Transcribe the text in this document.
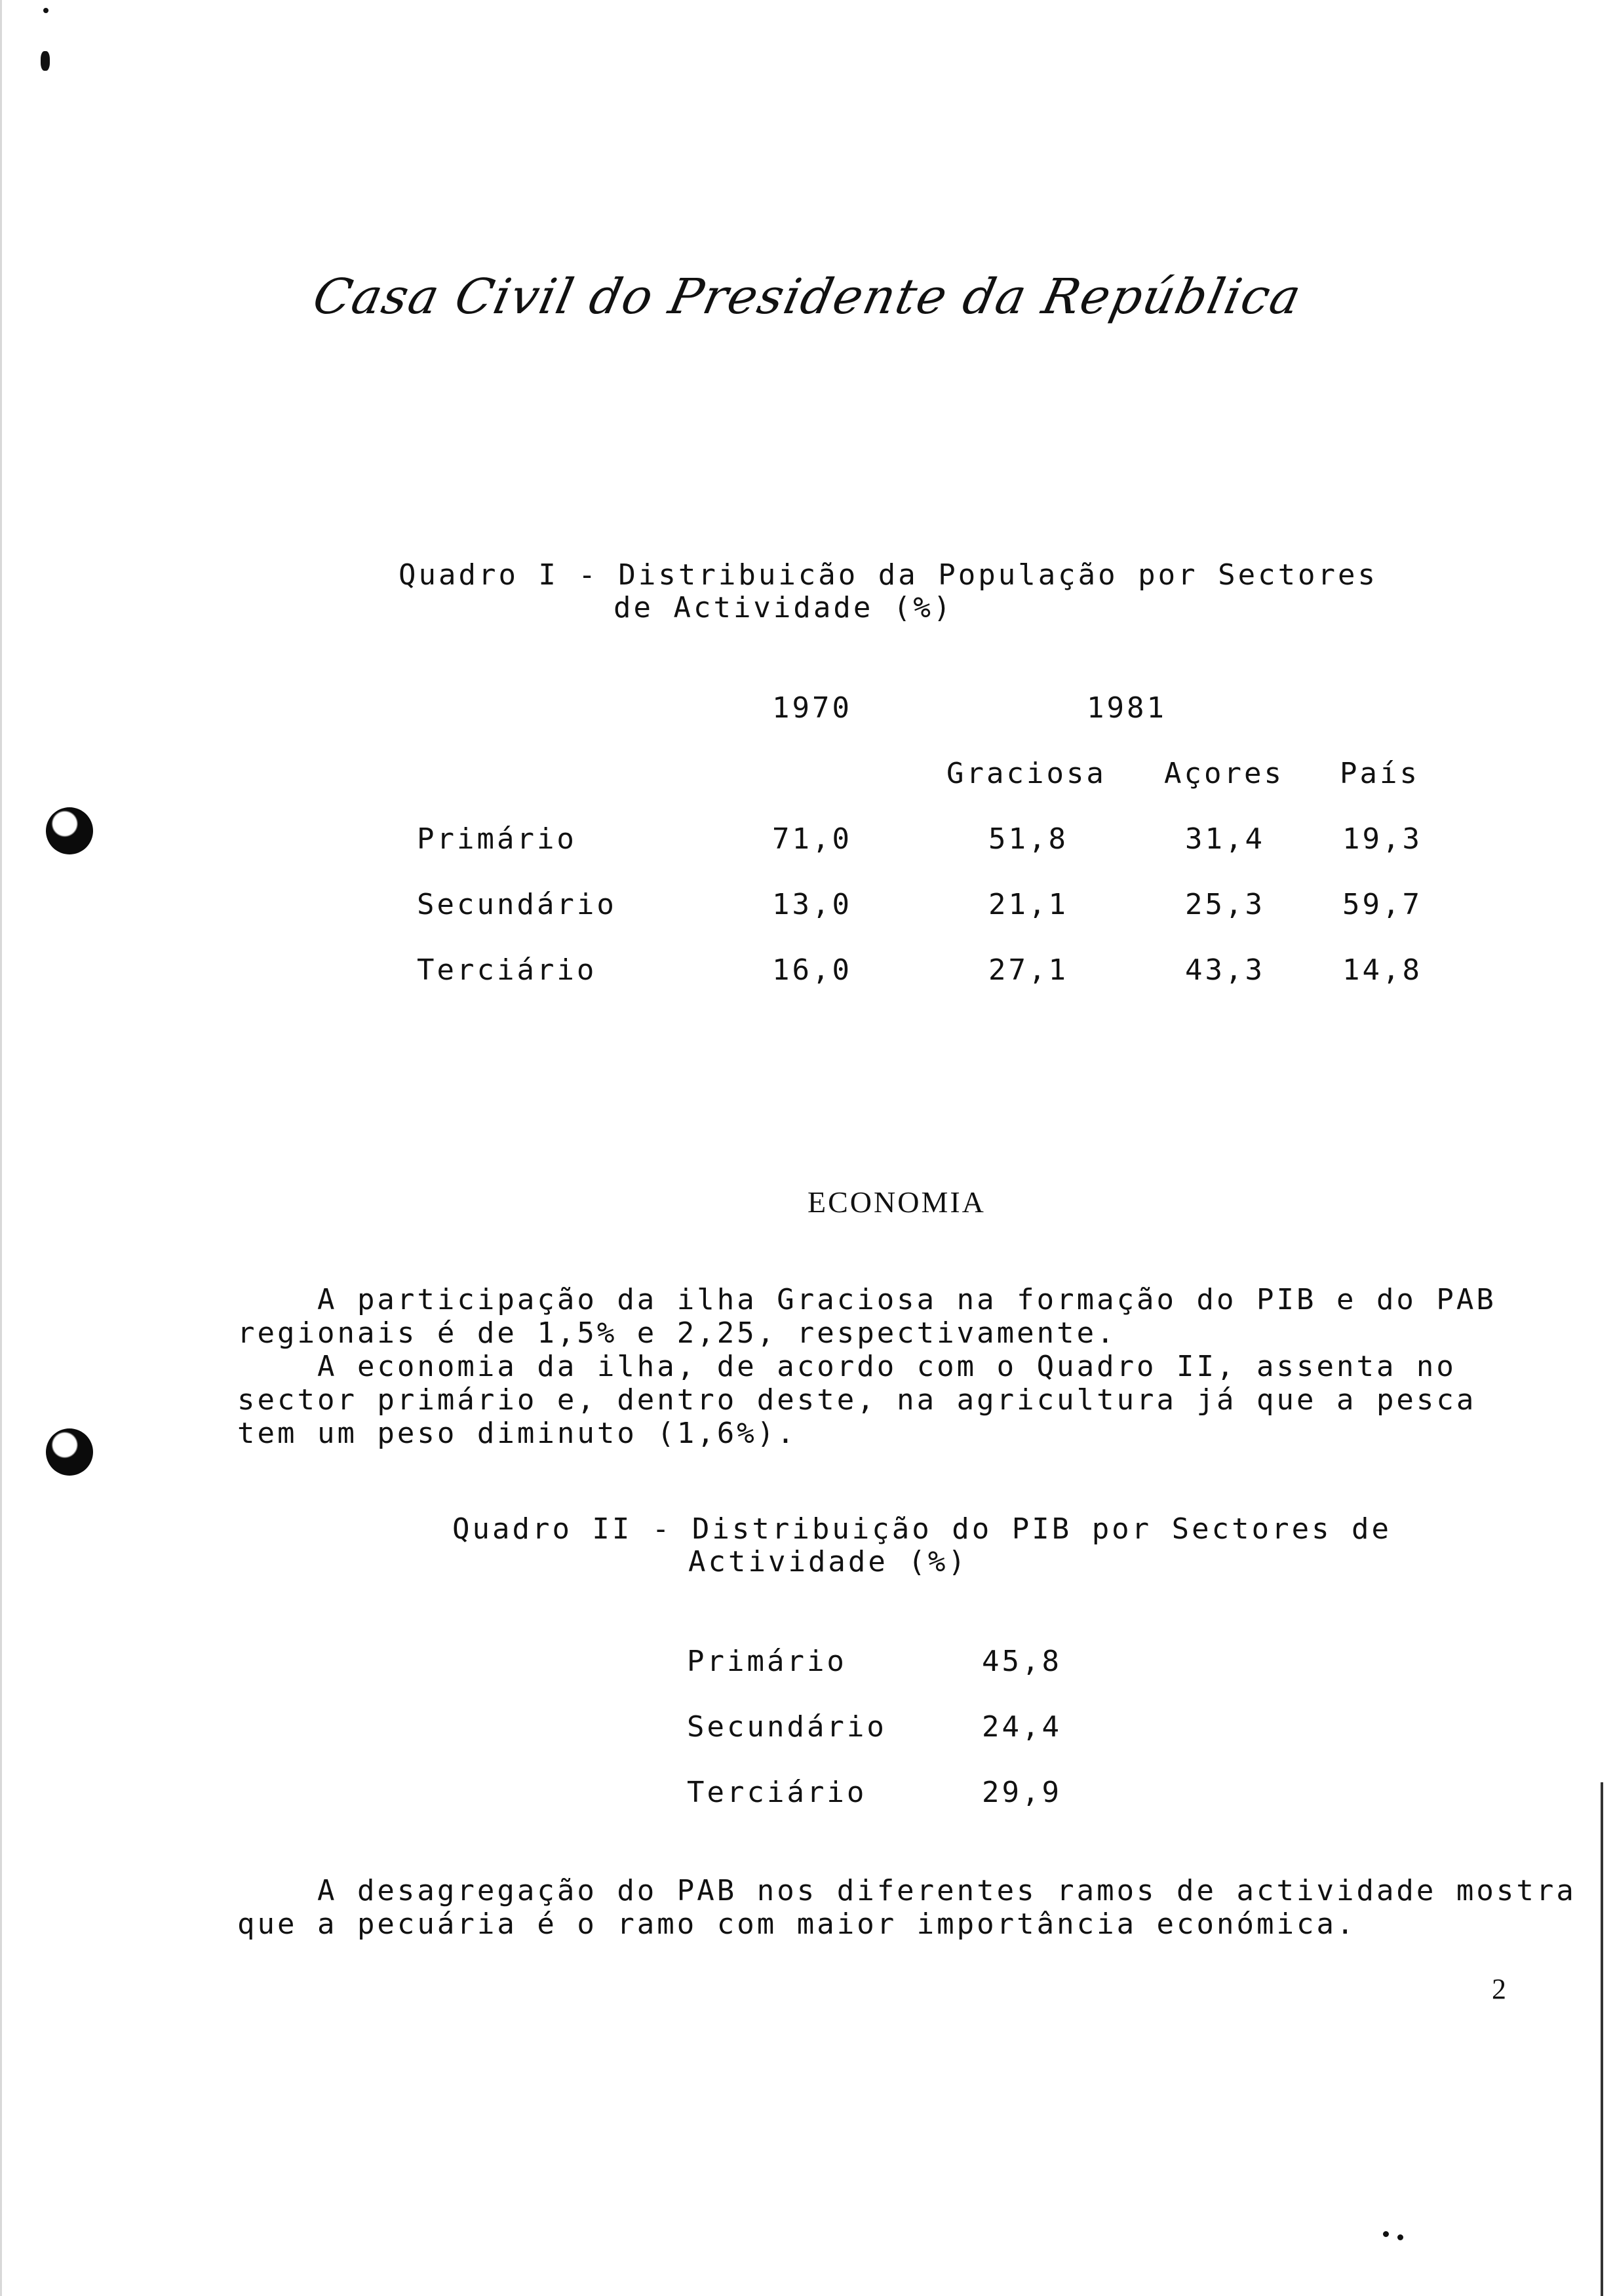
Casa Civil do Presidente da República
Quadro I - Distribuicão da População por Sectores
de Actividade (%)
1970	1981
Graciosa Açores País
Primário	71,0	51,8	31,4	19,3
Secundário	13,0	21,1	25,3	59,7
Terciário	16,0	27,1	43,3	14,8
ECONOMIA
A participação da ilha Graciosa na formação do PIB e do PAB
regionais é de 1,5% e 2,25, respectivamente.
A economia da ilha, de acordo com o Quadro II, assenta no
sector primário e, dentro deste, na agricultura já que a pesca
tem um peso diminuto (1,6%).
Quadro II - Distribuição do PIB por Sectores de
Actividade (%)
Primário	45,8
Secundário	24,4
Terciário	29,9
A desagregação do PAB nos diferentes ramos de actividade mostra
que a pecuária é o ramo com maior importância económica.
2
